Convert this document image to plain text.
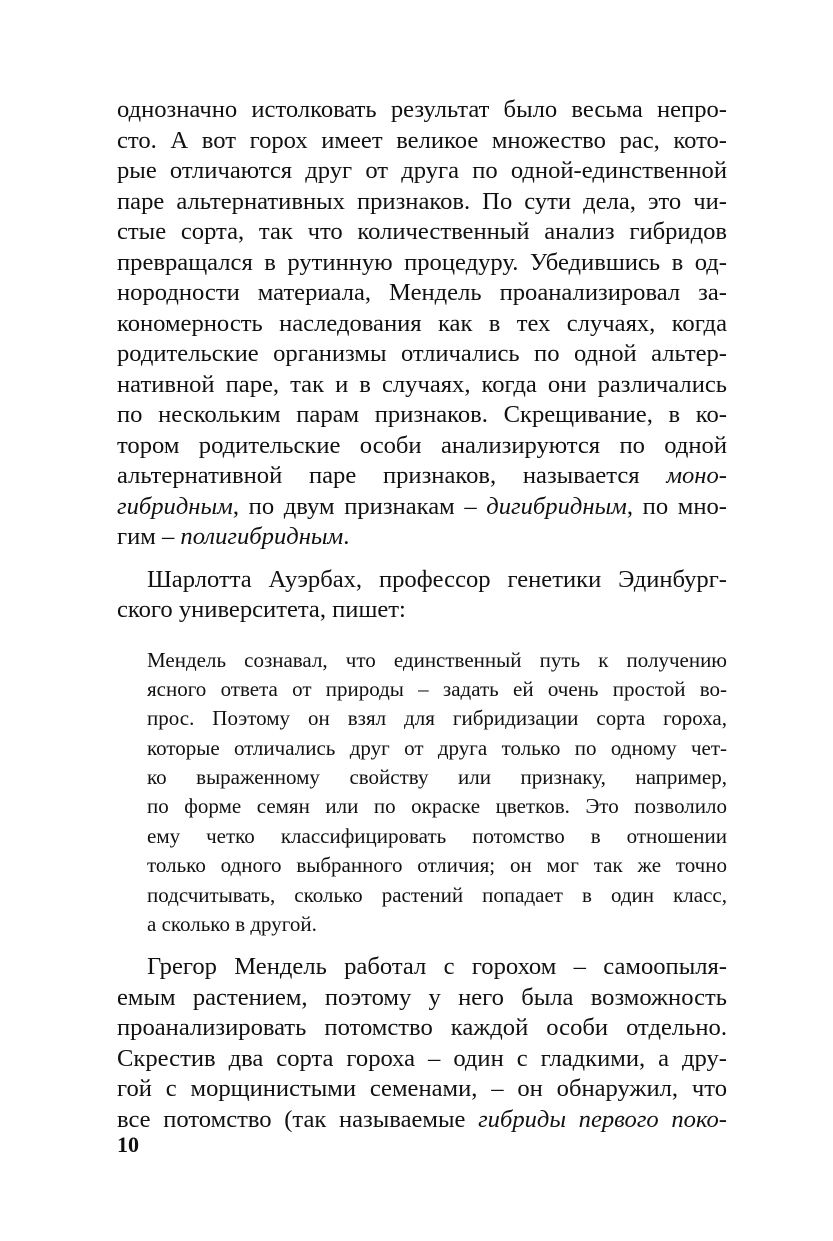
однозначно истолковать результат было весьма непро-
сто. А вот горох имеет великое множество рас, кото-
рые отличаются друг от друга по одной-единственной
паре альтернативных признаков. По сути дела, это чи-
стые сорта, так что количественный анализ гибридов
превращался в рутинную процедуру. Убедившись в од-
нородности материала, Мендель проанализировал за-
кономерность наследования как в тех случаях, когда
родительские организмы отличались по одной альтер-
нативной паре, так и в случаях, когда они различались
по нескольким парам признаков. Скрещивание, в ко-
тором родительские особи анализируются по одной
альтернативной паре признаков, называется моно-
гибридным, по двум признакам – дигибридным, по мно-
гим – полигибридным.
Шарлотта Ауэрбах, профессор генетики Эдинбург-
ского университета, пишет:
Мендель сознавал, что единственный путь к получению
ясного ответа от природы – задать ей очень простой во-
прос. Поэтому он взял для гибридизации сорта гороха,
которые отличались друг от друга только по одному чет-
ко выраженному свойству или признаку, например,
по форме семян или по окраске цветков. Это позволило
ему четко классифицировать потомство в отношении
только одного выбранного отличия; он мог так же точно
подсчитывать, сколько растений попадает в один класс,
а сколько в другой.
Грегор Мендель работал с горохом – самоопыля-
емым растением, поэтому у него была возможность
проанализировать потомство каждой особи отдельно.
Скрестив два сорта гороха – один с гладкими, а дру-
гой с морщинистыми семенами, – он обнаружил, что
все потомство (так называемые гибриды первого поко-
10
